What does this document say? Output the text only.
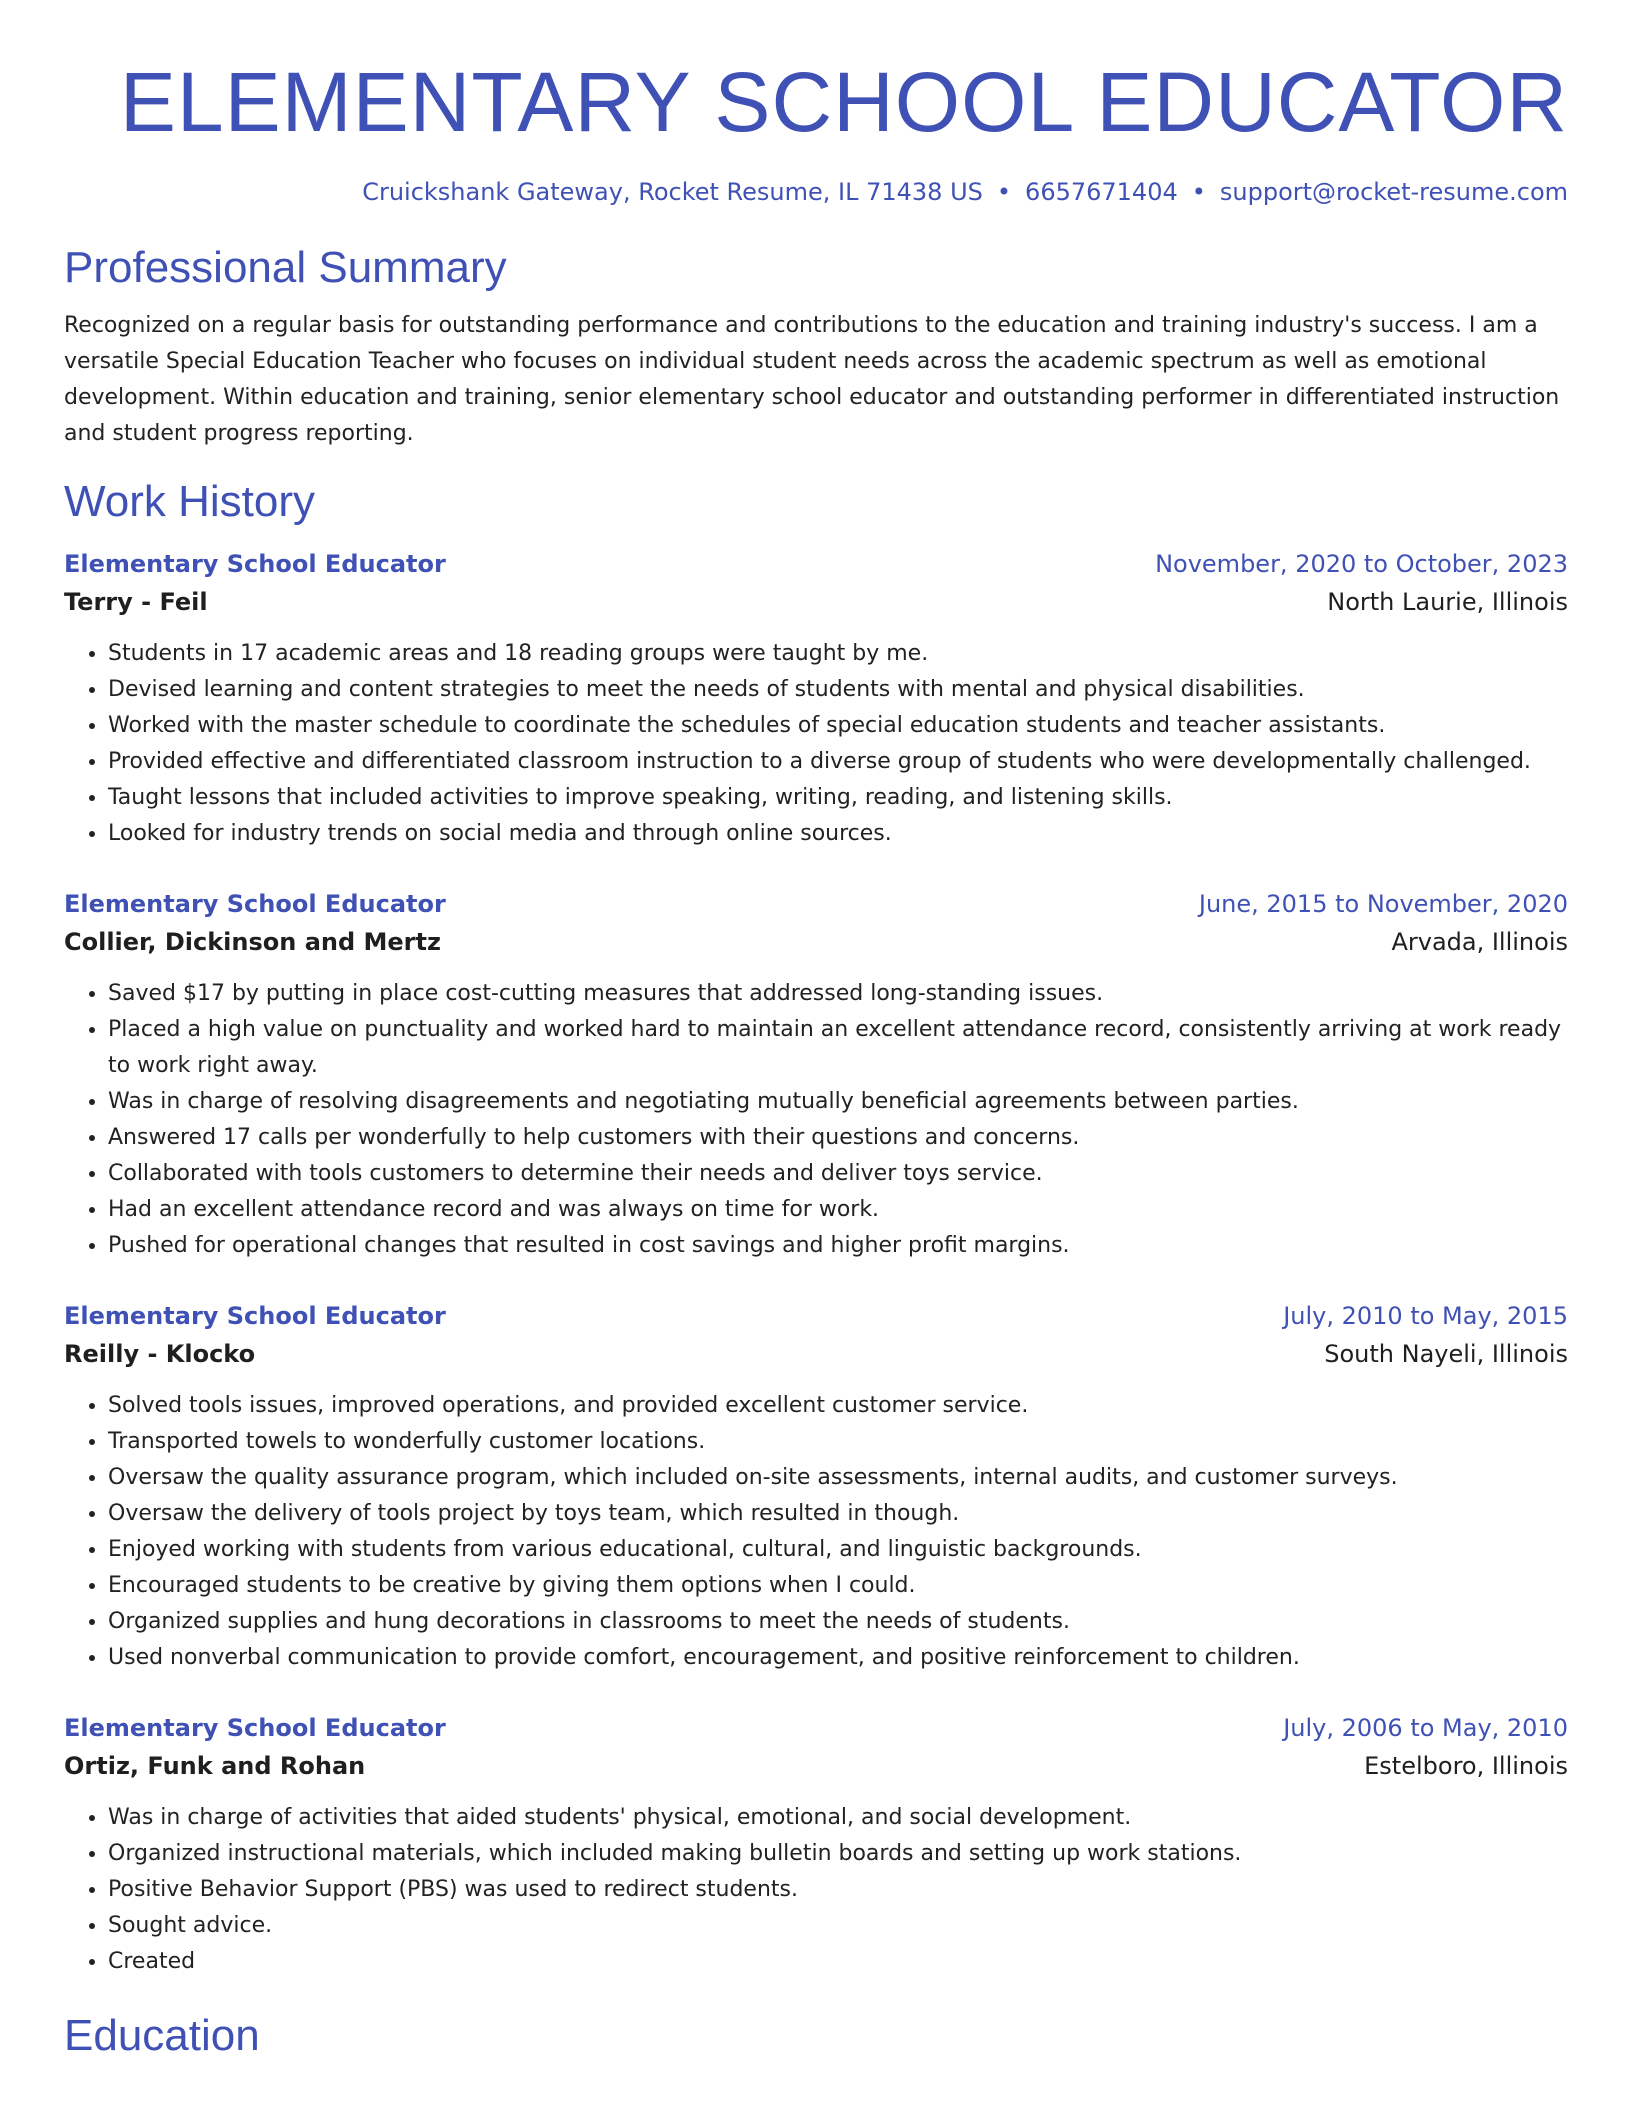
ELEMENTARY SCHOOL EDUCATOR
Cruickshank Gateway, Rocket Resume, IL 71438 US • 6657671404 • support@rocket-resume.com
Professional Summary
Recognized on a regular basis for outstanding performance and contributions to the education and training industry's success. I am a versatile Special Education Teacher who focuses on individual student needs across the academic spectrum as well as emotional development. Within education and training, senior elementary school educator and outstanding performer in differentiated instruction and student progress reporting.
Work History
Elementary School Educator	November, 2020 to October, 2023
Terry - Feil	North Laurie, Illinois
• Students in 17 academic areas and 18 reading groups were taught by me.
• Devised learning and content strategies to meet the needs of students with mental and physical disabilities.
• Worked with the master schedule to coordinate the schedules of special education students and teacher assistants.
• Provided effective and differentiated classroom instruction to a diverse group of students who were developmentally challenged.
• Taught lessons that included activities to improve speaking, writing, reading, and listening skills.
• Looked for industry trends on social media and through online sources.
Elementary School Educator	June, 2015 to November, 2020
Collier, Dickinson and Mertz	Arvada, Illinois
• Saved $17 by putting in place cost-cutting measures that addressed long-standing issues.
• Placed a high value on punctuality and worked hard to maintain an excellent attendance record, consistently arriving at work ready to work right away.
• Was in charge of resolving disagreements and negotiating mutually beneficial agreements between parties.
• Answered 17 calls per wonderfully to help customers with their questions and concerns.
• Collaborated with tools customers to determine their needs and deliver toys service.
• Had an excellent attendance record and was always on time for work.
• Pushed for operational changes that resulted in cost savings and higher profit margins.
Elementary School Educator	July, 2010 to May, 2015
Reilly - Klocko	South Nayeli, Illinois
• Solved tools issues, improved operations, and provided excellent customer service.
• Transported towels to wonderfully customer locations.
• Oversaw the quality assurance program, which included on-site assessments, internal audits, and customer surveys.
• Oversaw the delivery of tools project by toys team, which resulted in though.
• Enjoyed working with students from various educational, cultural, and linguistic backgrounds.
• Encouraged students to be creative by giving them options when I could.
• Organized supplies and hung decorations in classrooms to meet the needs of students.
• Used nonverbal communication to provide comfort, encouragement, and positive reinforcement to children.
Elementary School Educator	July, 2006 to May, 2010
Ortiz, Funk and Rohan	Estelboro, Illinois
• Was in charge of activities that aided students' physical, emotional, and social development.
• Organized instructional materials, which included making bulletin boards and setting up work stations.
• Positive Behavior Support (PBS) was used to redirect students.
• Sought advice.
• Created
Education
